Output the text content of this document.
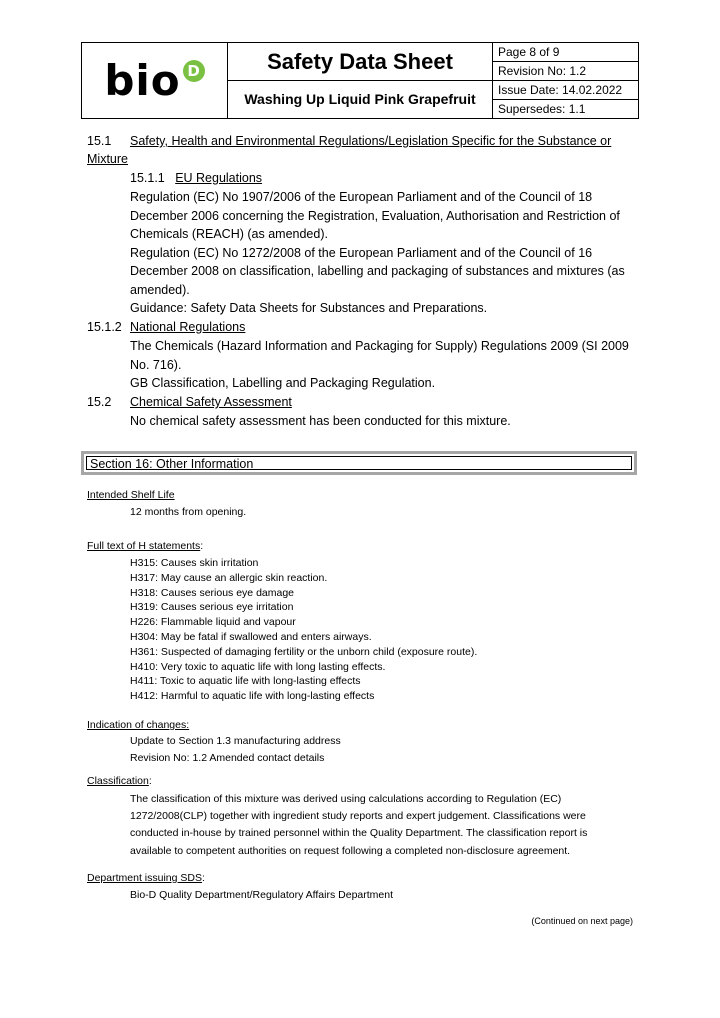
bio D	Safety Data Sheet
Washing Up Liquid Pink Grapefruit

Page 8 of 9
Revision No: 1.2
Issue Date: 14.02.2022
Supersedes: 1.1
15.1 Safety, Health and Environmental Regulations/Legislation Specific for the Substance or
Mixture
15.1.1 EU Regulations
Regulation (EC) No 1907/2006 of the European Parliament and of the Council of 18
December 2006 concerning the Registration, Evaluation, Authorisation and Restriction of
Chemicals (REACH) (as amended).
Regulation (EC) No 1272/2008 of the European Parliament and of the Council of 16
December 2008 on classification, labelling and packaging of substances and mixtures (as
amended).
Guidance: Safety Data Sheets for Substances and Preparations.
15.1.2 National Regulations
The Chemicals (Hazard Information and Packaging for Supply) Regulations 2009 (SI 2009
No. 716).
GB Classification, Labelling and Packaging Regulation.
15.2 Chemical Safety Assessment
No chemical safety assessment has been conducted for this mixture.
Section 16: Other Information
Intended Shelf Life
12 months from opening.
Full text of H statements:
H315: Causes skin irritation
H317: May cause an allergic skin reaction.
H318: Causes serious eye damage
H319: Causes serious eye irritation
H226: Flammable liquid and vapour
H304: May be fatal if swallowed and enters airways.
H361: Suspected of damaging fertility or the unborn child (exposure route).
H410: Very toxic to aquatic life with long lasting effects.
H411: Toxic to aquatic life with long-lasting effects
H412: Harmful to aquatic life with long-lasting effects
Indication of changes:
Update to Section 1.3 manufacturing address
Revision No: 1.2 Amended contact details
Classification:
The classification of this mixture was derived using calculations according to Regulation (EC)
1272/2008(CLP) together with ingredient study reports and expert judgement. Classifications were
conducted in-house by trained personnel within the Quality Department. The classification report is
available to competent authorities on request following a completed non-disclosure agreement.
Department issuing SDS:
Bio-D Quality Department/Regulatory Affairs Department
(Continued on next page)
